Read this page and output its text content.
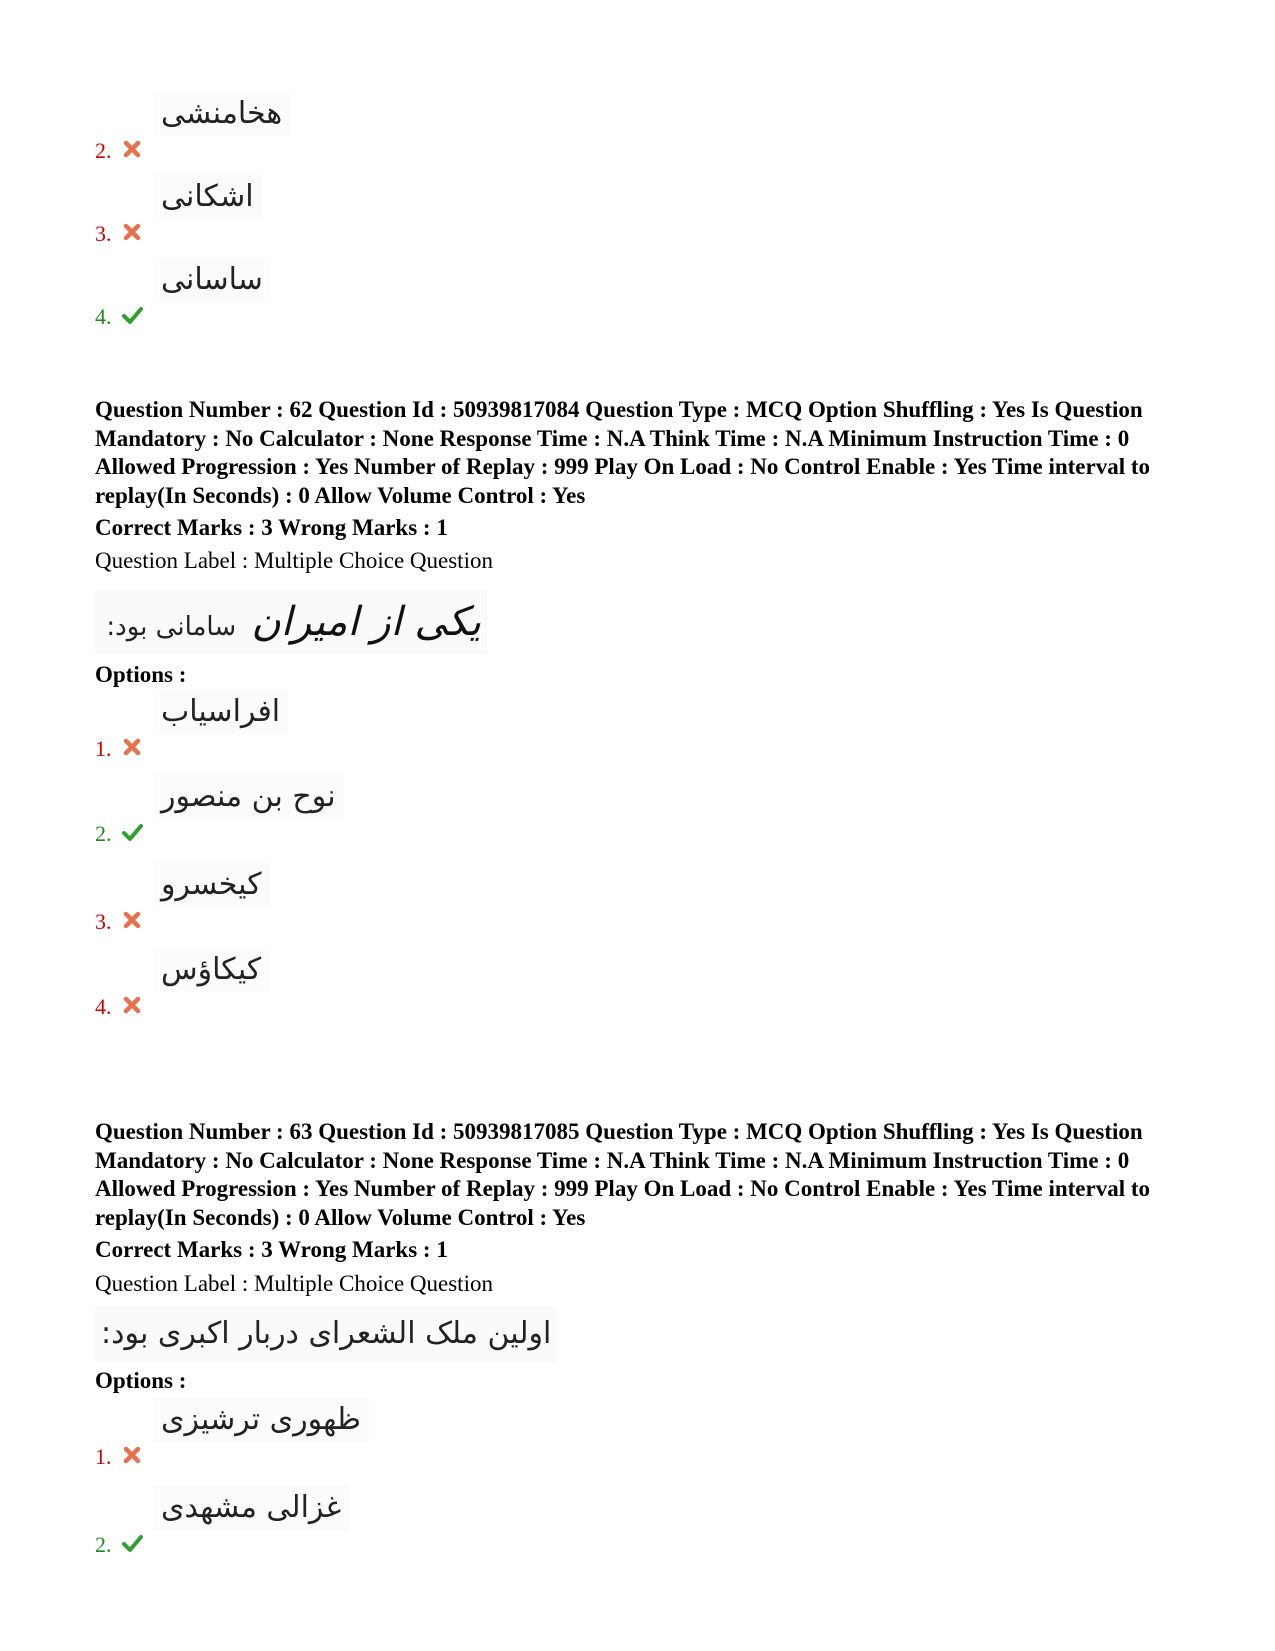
2.
هخامنشی
3.
اشکانی
4.
ساسانی
Question Number : 62 Question Id : 50939817084 Question Type : MCQ Option Shuffling : Yes Is Question Mandatory : No Calculator : None Response Time : N.A Think Time : N.A Minimum Instruction Time : 0 Allowed Progression : Yes Number of Replay : 999 Play On Load : No Control Enable : Yes Time interval to replay(In Seconds) : 0 Allow Volume Control : Yes
Correct Marks : 3 Wrong Marks : 1
Question Label : Multiple Choice Question
یکی از امیران   سامانی بود:
Options :
1.
افراسیاب
2.
نوح بن منصور
3.
کیخسرو
4.
کیکاؤس
Question Number : 63 Question Id : 50939817085 Question Type : MCQ Option Shuffling : Yes Is Question Mandatory : No Calculator : None Response Time : N.A Think Time : N.A Minimum Instruction Time : 0 Allowed Progression : Yes Number of Replay : 999 Play On Load : No Control Enable : Yes Time interval to replay(In Seconds) : 0 Allow Volume Control : Yes
Correct Marks : 3 Wrong Marks : 1
Question Label : Multiple Choice Question
اولین ملک الشعرای دربار اکبری بود:
Options :
1.
ظهوری ترشیزی
2.
غزالی مشهدی
